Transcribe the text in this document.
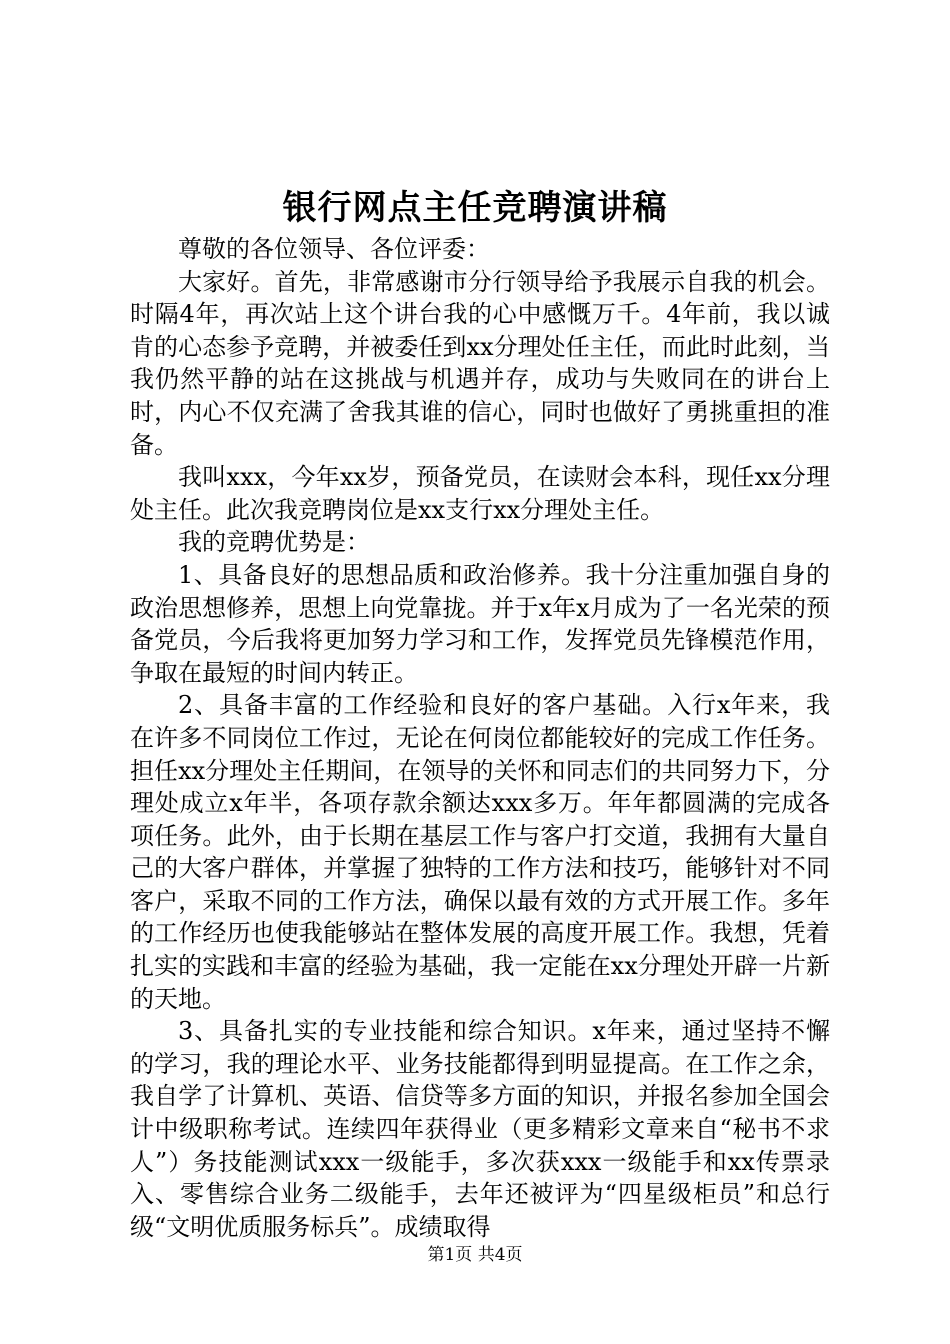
银行网点主任竞聘演讲稿

尊敬的各位领导、各位评委：

大家好。首先，非常感谢市分行领导给予我展示自我的机会。时隔4年，再次站上这个讲台我的心中感慨万千。4年前，我以诚肯的心态参予竞聘，并被委任到xx分理处任主任，而此时此刻，当我仍然平静的站在这挑战与机遇并存，成功与失败同在的讲台上时，内心不仅充满了舍我其谁的信心，同时也做好了勇挑重担的准备。

我叫xxx，今年xx岁，预备党员，在读财会本科，现任xx分理处主任。此次我竞聘岗位是xx支行xx分理处主任。

我的竞聘优势是：

1、具备良好的思想品质和政治修养。我十分注重加强自身的政治思想修养，思想上向党靠拢。并于x年x月成为了一名光荣的预备党员，今后我将更加努力学习和工作，发挥党员先锋模范作用，争取在最短的时间内转正。

2、具备丰富的工作经验和良好的客户基础。入行x年来，我在许多不同岗位工作过，无论在何岗位都能较好的完成工作任务。担任xx分理处主任期间，在领导的关怀和同志们的共同努力下，分理处成立x年半，各项存款余额达xxx多万。年年都圆满的完成各项任务。此外，由于长期在基层工作与客户打交道，我拥有大量自己的大客户群体，并掌握了独特的工作方法和技巧，能够针对不同客户，采取不同的工作方法，确保以最有效的方式开展工作。多年的工作经历也使我能够站在整体发展的高度开展工作。我想，凭着扎实的实践和丰富的经验为基础，我一定能在xx分理处开辟一片新的天地。

3、具备扎实的专业技能和综合知识。x年来，通过坚持不懈的学习，我的理论水平、业务技能都得到明显提高。在工作之余，我自学了计算机、英语、信贷等多方面的知识，并报名参加全国会计中级职称考试。连续四年获得业（更多精彩文章来自“秘书不求人”）务技能测试xxx一级能手，多次获xxx一级能手和xx传票录入、零售综合业务二级能手，去年还被评为“四星级柜员”和总行级“文明优质服务标兵”。成绩取得

第1页 共4页
